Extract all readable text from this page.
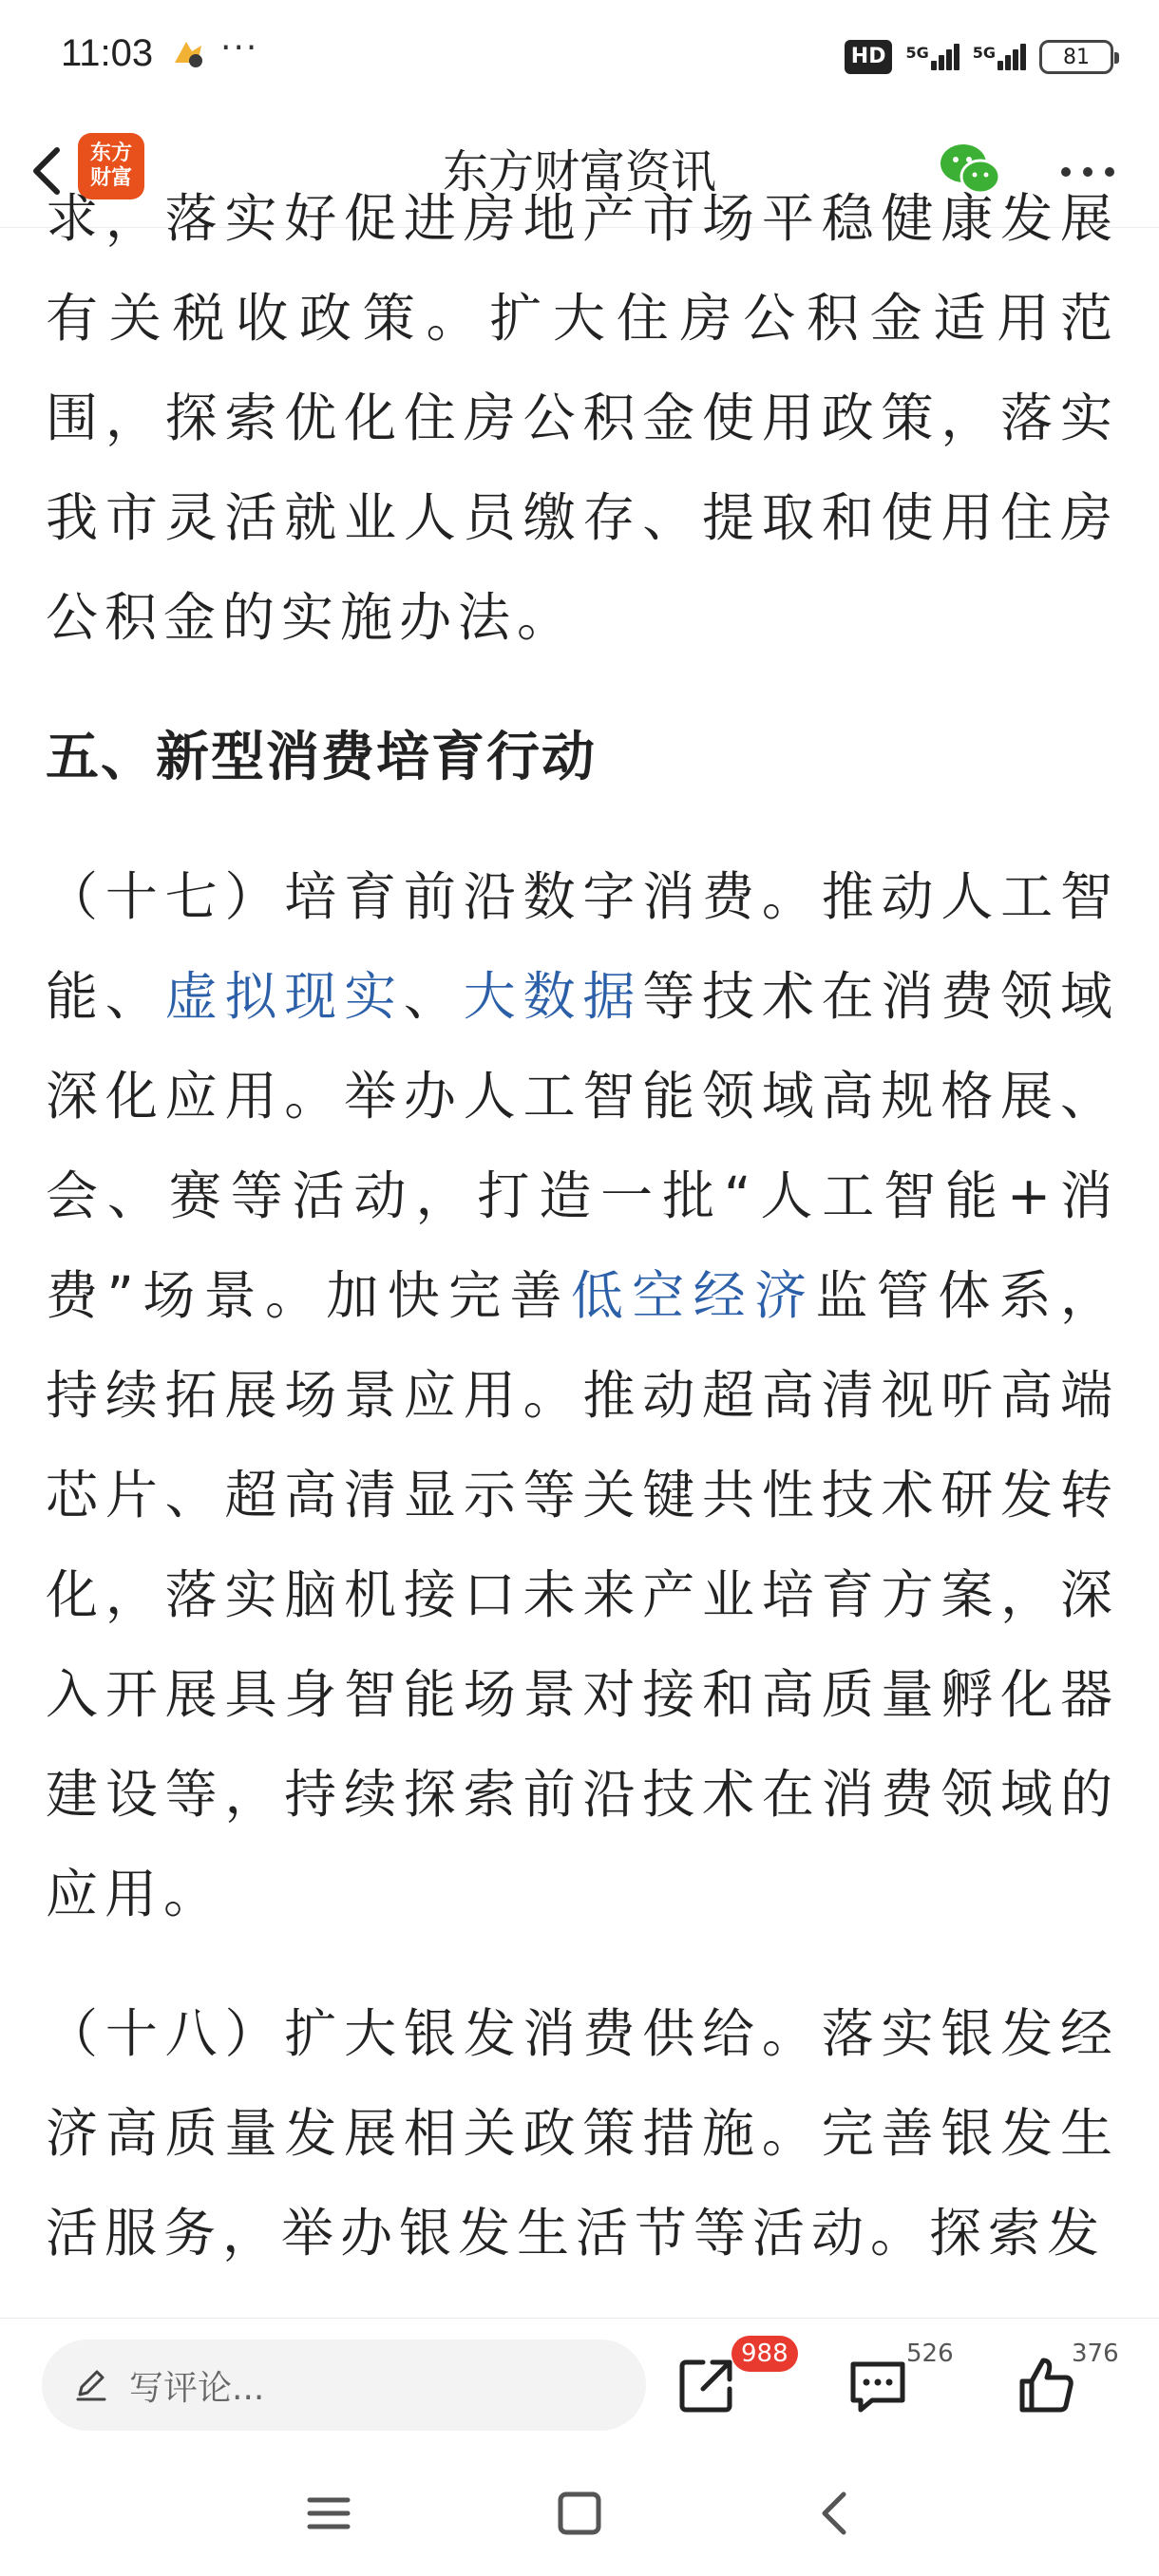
11:03 ···	HD	5G	5G	81
东方
财富	东方财富资讯

求，落实好促进房地产市场平稳健康发展有关税收政策。扩大住房公积金适用范围，探索优化住房公积金使用政策，落实我市灵活就业人员缴存、提取和使用住房公积金的实施办法。

五、新型消费培育行动

（十七）培育前沿数字消费。推动人工智能、虚拟现实、大数据等技术在消费领域深化应用。举办人工智能领域高规格展、会、赛等活动，打造一批“人工智能+消费”场景。加快完善低空经济监管体系，持续拓展场景应用。推动超高清视听高端芯片、超高清显示等关键共性技术研发转化，落实脑机接口未来产业培育方案，深入开展具身智能场景对接和高质量孵化器建设等，持续探索前沿技术在消费领域的应用。

（十八）扩大银发消费供给。落实银发经济高质量发展相关政策措施。完善银发生活服务，举办银发生活节等活动。探索发

写评论...
988	526	376
